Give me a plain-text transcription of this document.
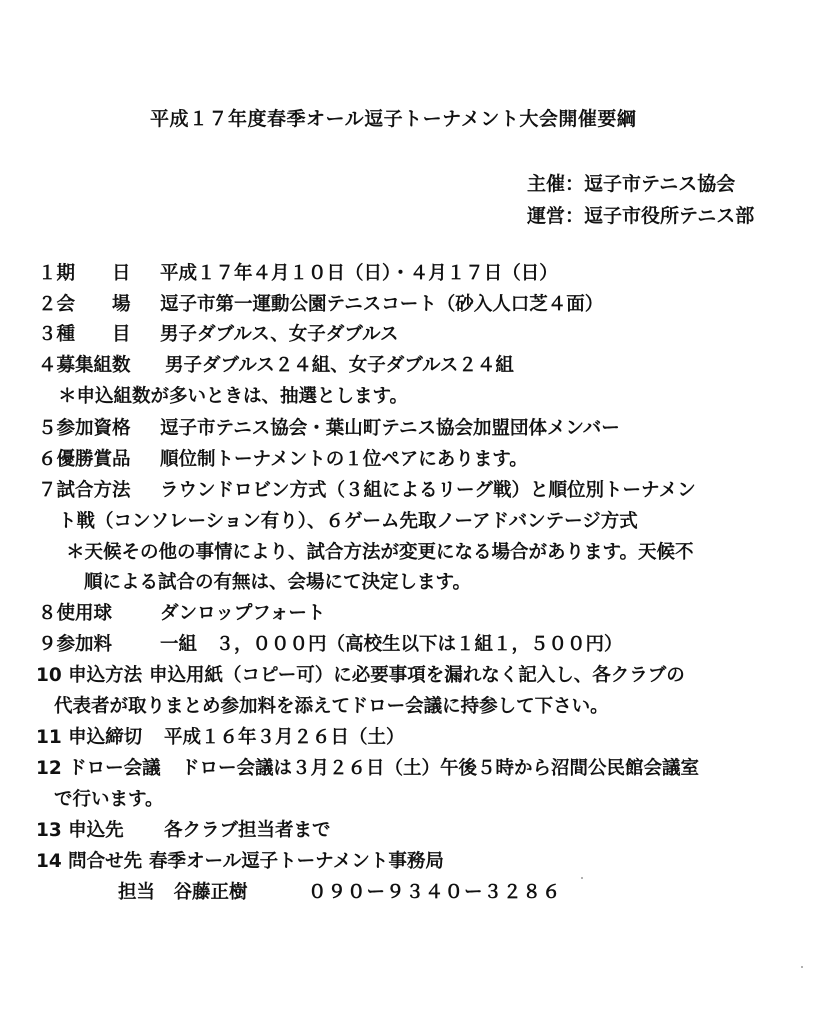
平成１７年度春季オール逗子トーナメント大会開催要綱
主催：逗子市テニス協会
運営：逗子市役所テニス部
１期　　日 平成１７年４月１０日（日）・４月１７日（日）
２会　　場 逗子市第一運動公園テニスコート（砂入人口芝４面）
３種　　目 男子ダブルス、女子ダブルス
４募集組数 男子ダブルス２４組、女子ダブルス２４組
＊申込組数が多いときは、抽選とします。
５参加資格 逗子市テニス協会・葉山町テニス協会加盟団体メンバー
６優勝賞品 順位制トーナメントの１位ペアにあります。
７試合方法 ラウンドロビン方式（３組によるリーグ戦）と順位別トーナメン
ト戦（コンソレーション有り）、６ゲーム先取ノーアドバンテージ方式
＊天候その他の事情により、試合方法が変更になる場合があります。天候不
順による試合の有無は、会場にて決定します。
８使用球	ダンロップフォート
９参加料	一組　３，０００円（高校生以下は１組１，５００円）
10 申込方法 申込用紙（コピー可）に必要事項を漏れなく記入し、各クラブの
代表者が取りまとめ参加料を添えてドロー会議に持参して下さい。
11 申込締切 平成１６年３月２６日（土）
12 ドロー会議 ドロー会議は３月２６日（土）午後５時から沼間公民館会議室
で行います。
13 申込先 各クラブ担当者まで
14 問合せ先 春季オール逗子トーナメント事務局
担当　谷藤正樹	０９０ー９３４０ー３２８６
